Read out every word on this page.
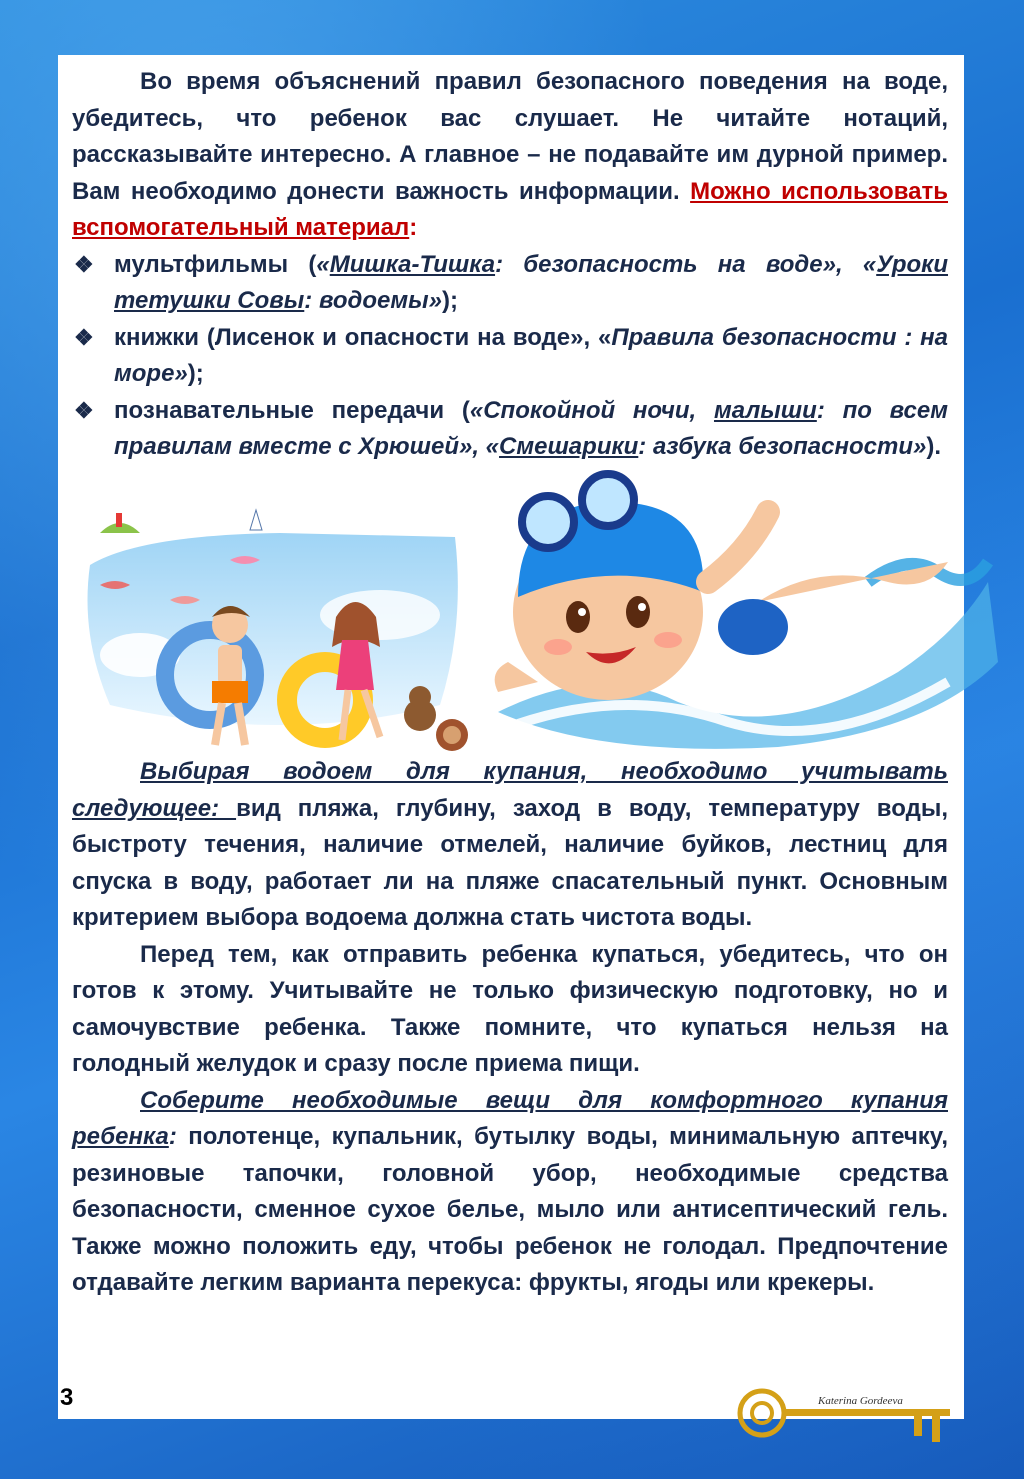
Во время объяснений правил безопасного поведения на воде, убедитесь, что ребенок вас слушает. Не читайте нотаций, рассказывайте интересно. А главное – не подавайте им дурной пример. Вам необходимо донести важность информации. Можно использовать вспомогательный материал:

❖ мультфильмы («Мишка-Тишка: безопасность на воде», «Уроки тетушки Совы: водоемы»);
❖ книжки (Лисенок и опасности на воде», «Правила безопасности : на море»);
❖ познавательные передачи («Спокойной ночи, малыши: по всем правилам вместе с Хрюшей», «Смешарики: азбука безопасности»).

Выбирая водоем для купания, необходимо учитывать следующее: вид пляжа, глубину, заход в воду, температуру воды, быстроту течения, наличие отмелей, наличие буйков, лестниц для спуска в воду, работает ли на пляже спасательный пункт. Основным критерием выбора водоема должна стать чистота воды.

Перед тем, как отправить ребенка купаться, убедитесь, что он готов к этому. Учитывайте не только физическую подготовку, но и самочувствие ребенка. Также помните, что купаться нельзя на голодный желудок и сразу после приема пищи.

Соберите необходимые вещи для комфортного купания ребенка: полотенце, купальник, бутылку воды, минимальную аптечку, резиновые тапочки, головной убор, необходимые средства безопасности, сменное сухое белье, мыло или антисептический гель. Также можно положить еду, чтобы ребенок не голодал. Предпочтение отдавайте легким варианта перекуса: фрукты, ягоды или крекеры.

3	Katerina Gordeeva
